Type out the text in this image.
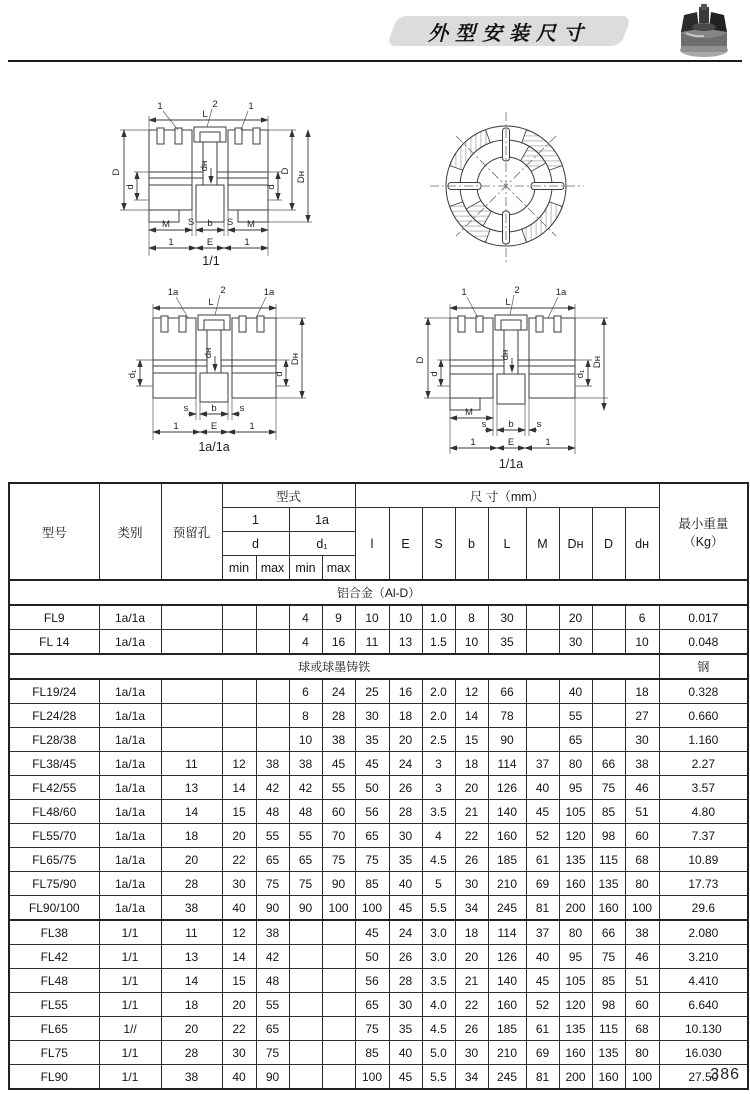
外型安装尺寸
1	2	1
L
D
d	d
D Dʜ
dʜ
M S b S M
1	E	1
1/1
1a	2	1a
L
d₁	d
Dʜ
dʜ
s b s
1	E	1
1a/1a
1	2	1a
L
D
d	d₁
Dʜ
dʜ
M
s b s
1	E	1
1/1a
型号	类别	预留孔	型式				尺 寸（mm）									最小重量
（Kg）
			1		1a		l	E	S	b	L	M	Dʜ	D	dʜ	
			d		d₁											
			min	max	min	max										
铝合金（Al-D）																
FL9	1a/1a				4	9	10	10	1.0	8	30		20		6	0.017
FL 14	1a/1a				4	16	11	13	1.5	10	35		30		10	0.048
球或球墨铸铁																钢
FL19/24	1a/1a				6	24	25	16	2.0	12	66		40		18	0.328
FL24/28	1a/1a				8	28	30	18	2.0	14	78		55		27	0.660
FL28/38	1a/1a				10	38	35	20	2.5	15	90		65		30	1.160
FL38/45	1a/1a	11	12	38	38	45	45	24	3	18	114	37	80	66	38	2.27
FL42/55	1a/1a	13	14	42	42	55	50	26	3	20	126	40	95	75	46	3.57
FL48/60	1a/1a	14	15	48	48	60	56	28	3.5	21	140	45	105	85	51	4.80
FL55/70	1a/1a	18	20	55	55	70	65	30	4	22	160	52	120	98	60	7.37
FL65/75	1a/1a	20	22	65	65	75	75	35	4.5	26	185	61	135	115	68	10.89
FL75/90	1a/1a	28	30	75	75	90	85	40	5	30	210	69	160	135	80	17.73
FL90/100	1a/1a	38	40	90	90	100	100	45	5.5	34	245	81	200	160	100	29.6
FL38	1/1	11	12	38			45	24	3.0	18	114	37	80	66	38	2.080
FL42	1/1	13	14	42			50	26	3.0	20	126	40	95	75	46	3.210
FL48	1/1	14	15	48			56	28	3.5	21	140	45	105	85	51	4.410
FL55	1/1	18	20	55			65	30	4.0	22	160	52	120	98	60	6.640
FL65	1//	20	22	65			75	35	4.5	26	185	61	135	115	68	10.130
FL75	1/1	28	30	75			85	40	5.0	30	210	69	160	135	80	16.030
FL90	1/1	38	40	90			100	45	5.5	34	245	81	200	160	100	27.50
386
